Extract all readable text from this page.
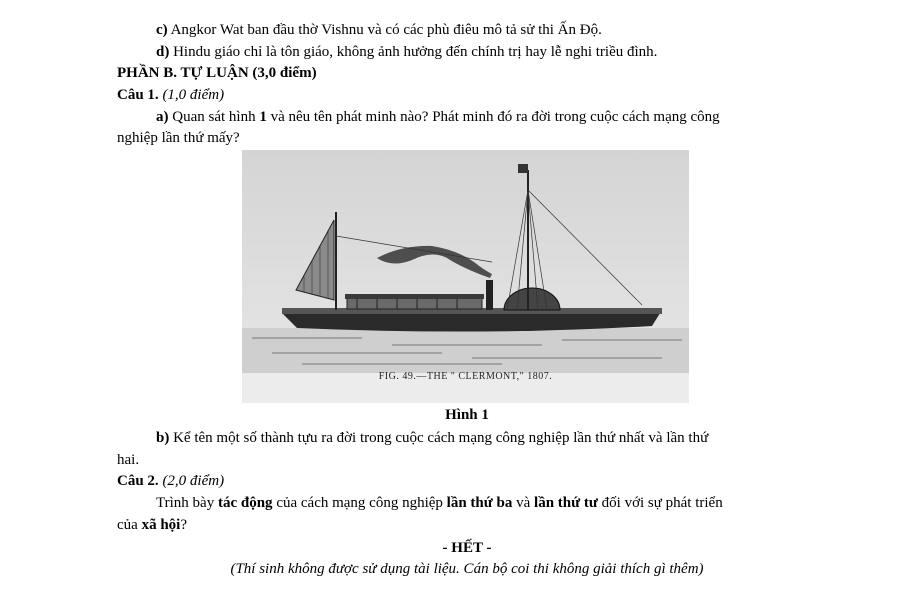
c) Angkor Wat ban đầu thờ Vishnu và có các phù điêu mô tả sử thi Ấn Độ.
d) Hindu giáo chỉ là tôn giáo, không ảnh hưởng đến chính trị hay lễ nghi triều đình.
PHẦN B. TỰ LUẬN (3,0 điểm)
Câu 1. (1,0 điểm)
a) Quan sát hình 1 và nêu tên phát minh nào? Phát minh đó ra đời trong cuộc cách mạng công
nghiệp lần thứ mấy?
FIG. 49.—THE " CLERMONT," 1807.
Hình 1
b) Kể tên một số thành tựu ra đời trong cuộc cách mạng công nghiệp lần thứ nhất và lần thứ
hai.
Câu 2. (2,0 điểm)
Trình bày tác động của cách mạng công nghiệp lần thứ ba và lần thứ tư đối với sự phát triển
của xã hội?
- HẾT -
(Thí sinh không được sử dụng tài liệu. Cán bộ coi thi không giải thích gì thêm)
